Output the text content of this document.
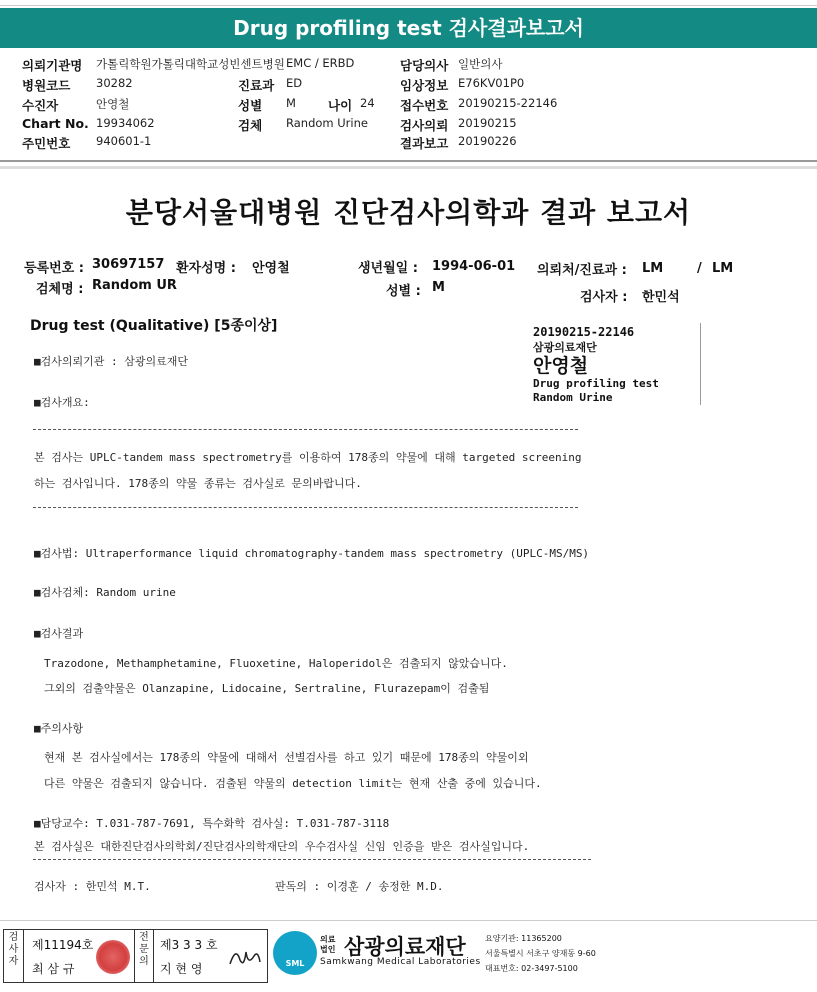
Drug profiling test 검사결과보고서
의뢰기관명 가톨릭학원가톨릭대학교성빈센트병원 EMC / ERBD	담당의사 일반의사
병원코드 30282	진료과 ED	임상정보 E76KV01P0
수진자	안영철	성별 M	나이 24 접수번호 20190215-22146
Chart No. 19934062	검체 Random Urine	검사의뢰 20190215
주민번호 940601-1	결과보고 20190226
분당서울대병원 진단검사의학과 결과 보고서
등록번호 : 30697157 환자성명 : 안영철	생년월일 : 1994-06-01 의뢰처/진료과 : LM	/ LM
검체명 : Random UR	성별 : M
검사자 : 한민석
Drug test (Qualitative) [5종이상]	20190215-22146
삼광의료재단
안영철
Drug profiling test
Random Urine
■검사의뢰기관 : 삼광의료재단
■검사개요:
본 검사는 UPLC-tandem mass spectrometry를 이용하여 178종의 약물에 대해 targeted screening
하는 검사입니다. 178종의 약물 종류는 검사실로 문의바랍니다.
■검사법: Ultraperformance liquid chromatography-tandem mass spectrometry (UPLC-MS/MS)
■검사검체: Random urine
■검사결과
Trazodone, Methamphetamine, Fluoxetine, Haloperidol은 검출되지 않았습니다.
그외의 검출약물은 Olanzapine, Lidocaine, Sertraline, Flurazepam이 검출됨
■주의사항
현재 본 검사실에서는 178종의 약물에 대해서 선별검사를 하고 있기 때문에 178종의 약물이외
다른 약물은 검출되지 않습니다. 검출된 약물의 detection limit는 현재 산출 중에 있습니다.
■담당교수: T.031-787-7691, 특수화학 검사실: T.031-787-3118
본 검사실은 대한진단검사의학회/진단검사의학재단의 우수검사실 신임 인증을 받은 검사실입니다.
검사자 : 한민석 M.T.	판독의 : 이경훈 / 송정한 M.D.
검사자
제11194호
최 삼 규
전문의
제3 3 3 호
지 현 영	SML
의료
법인 삼광의료재단
Samkwang Medical Laboratories
요양기관: 11365200
서울특별시 서초구 양재동 9-60
대표번호: 02-3497-5100
